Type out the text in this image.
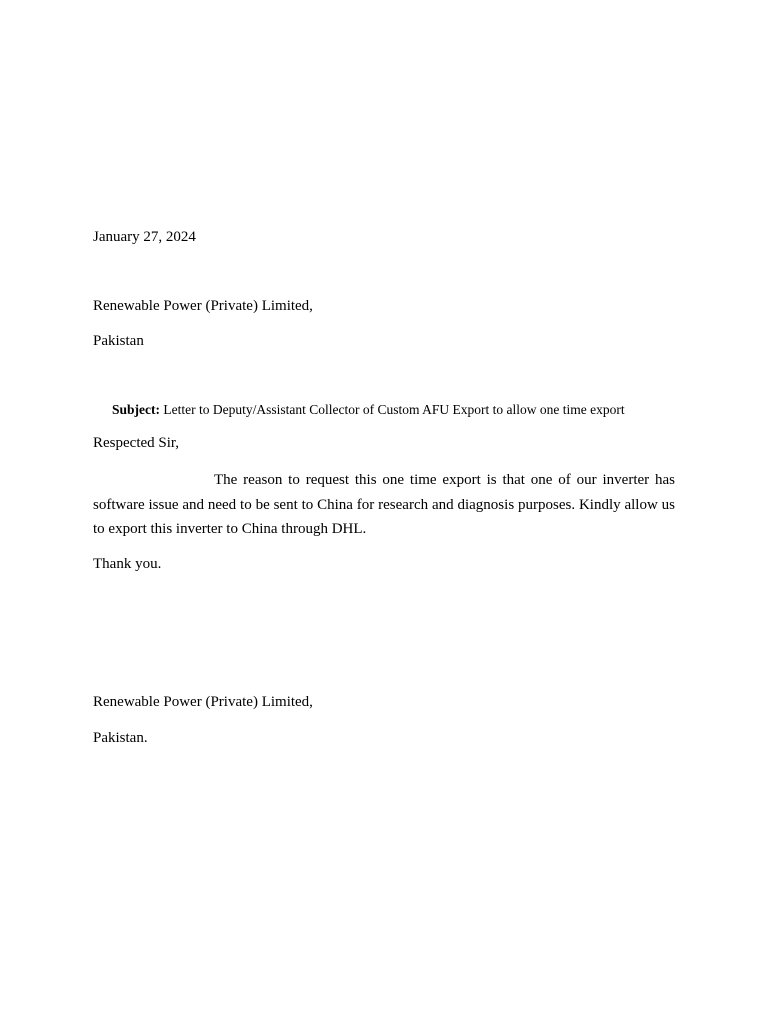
January 27, 2024
Renewable Power (Private) Limited,
Pakistan
Subject: Letter to Deputy/Assistant Collector of Custom AFU Export to allow one time export
Respected Sir,
The reason to request this one time export is that one of our inverter has software issue and need to be sent to China for research and diagnosis purposes. Kindly allow us to export this inverter to China through DHL.
Thank you.
Renewable Power (Private) Limited,
Pakistan.
